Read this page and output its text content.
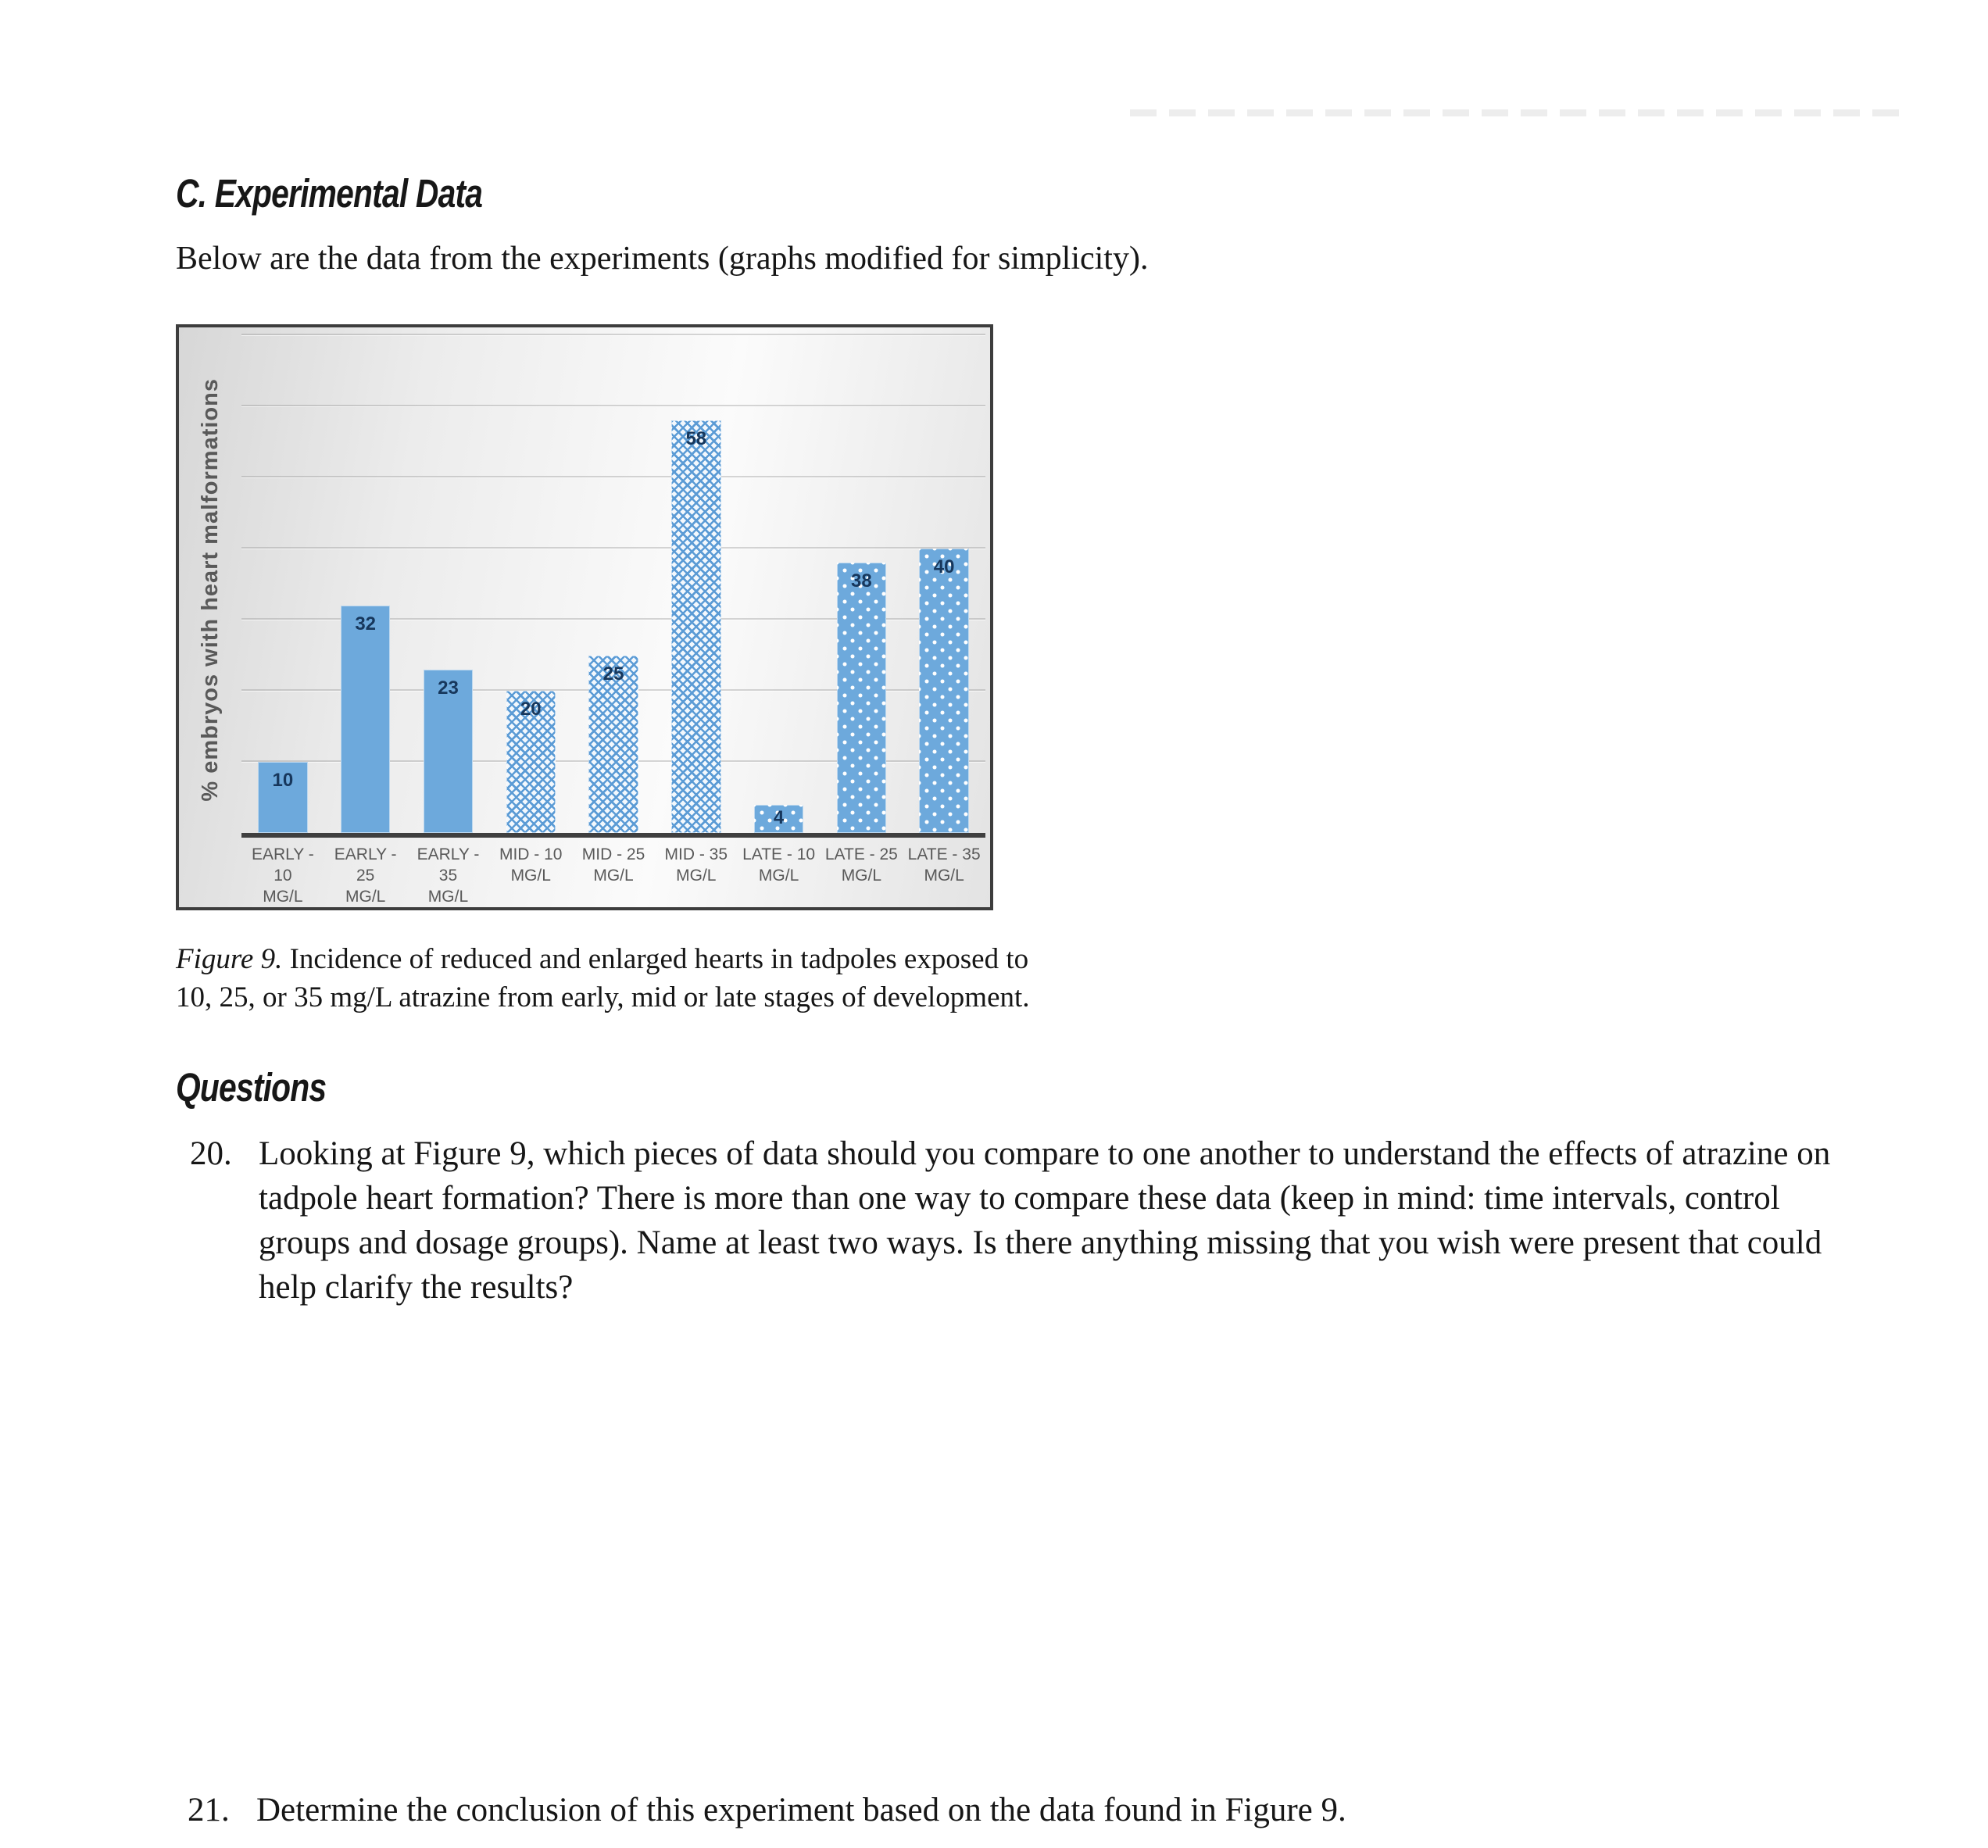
C. Experimental Data
Below are the data from the experiments (graphs modified for simplicity).
% embryos with heart malformations	10
32
23
20
25
58
4
38
40
EARLY - 10
MG/L
EARLY - 25
MG/L
EARLY - 35
MG/L
MID - 10
MG/L
MID - 25
MG/L
MID - 35
MG/L
LATE - 10
MG/L
LATE - 25
MG/L
LATE - 35
MG/L
Figure 9. Incidence of reduced and enlarged hearts in tadpoles exposed to
10, 25, or 35 mg/L atrazine from early, mid or late stages of development.
Questions
20. Looking at Figure 9, which pieces of data should you compare to one another to understand the effects of atrazine on tadpole heart formation? There is more than one way to compare these data (keep in mind: time intervals, control groups and dosage groups). Name at least two ways. Is there anything missing that you wish were present that could help clarify the results?
21. Determine the conclusion of this experiment based on the data found in Figure 9.
